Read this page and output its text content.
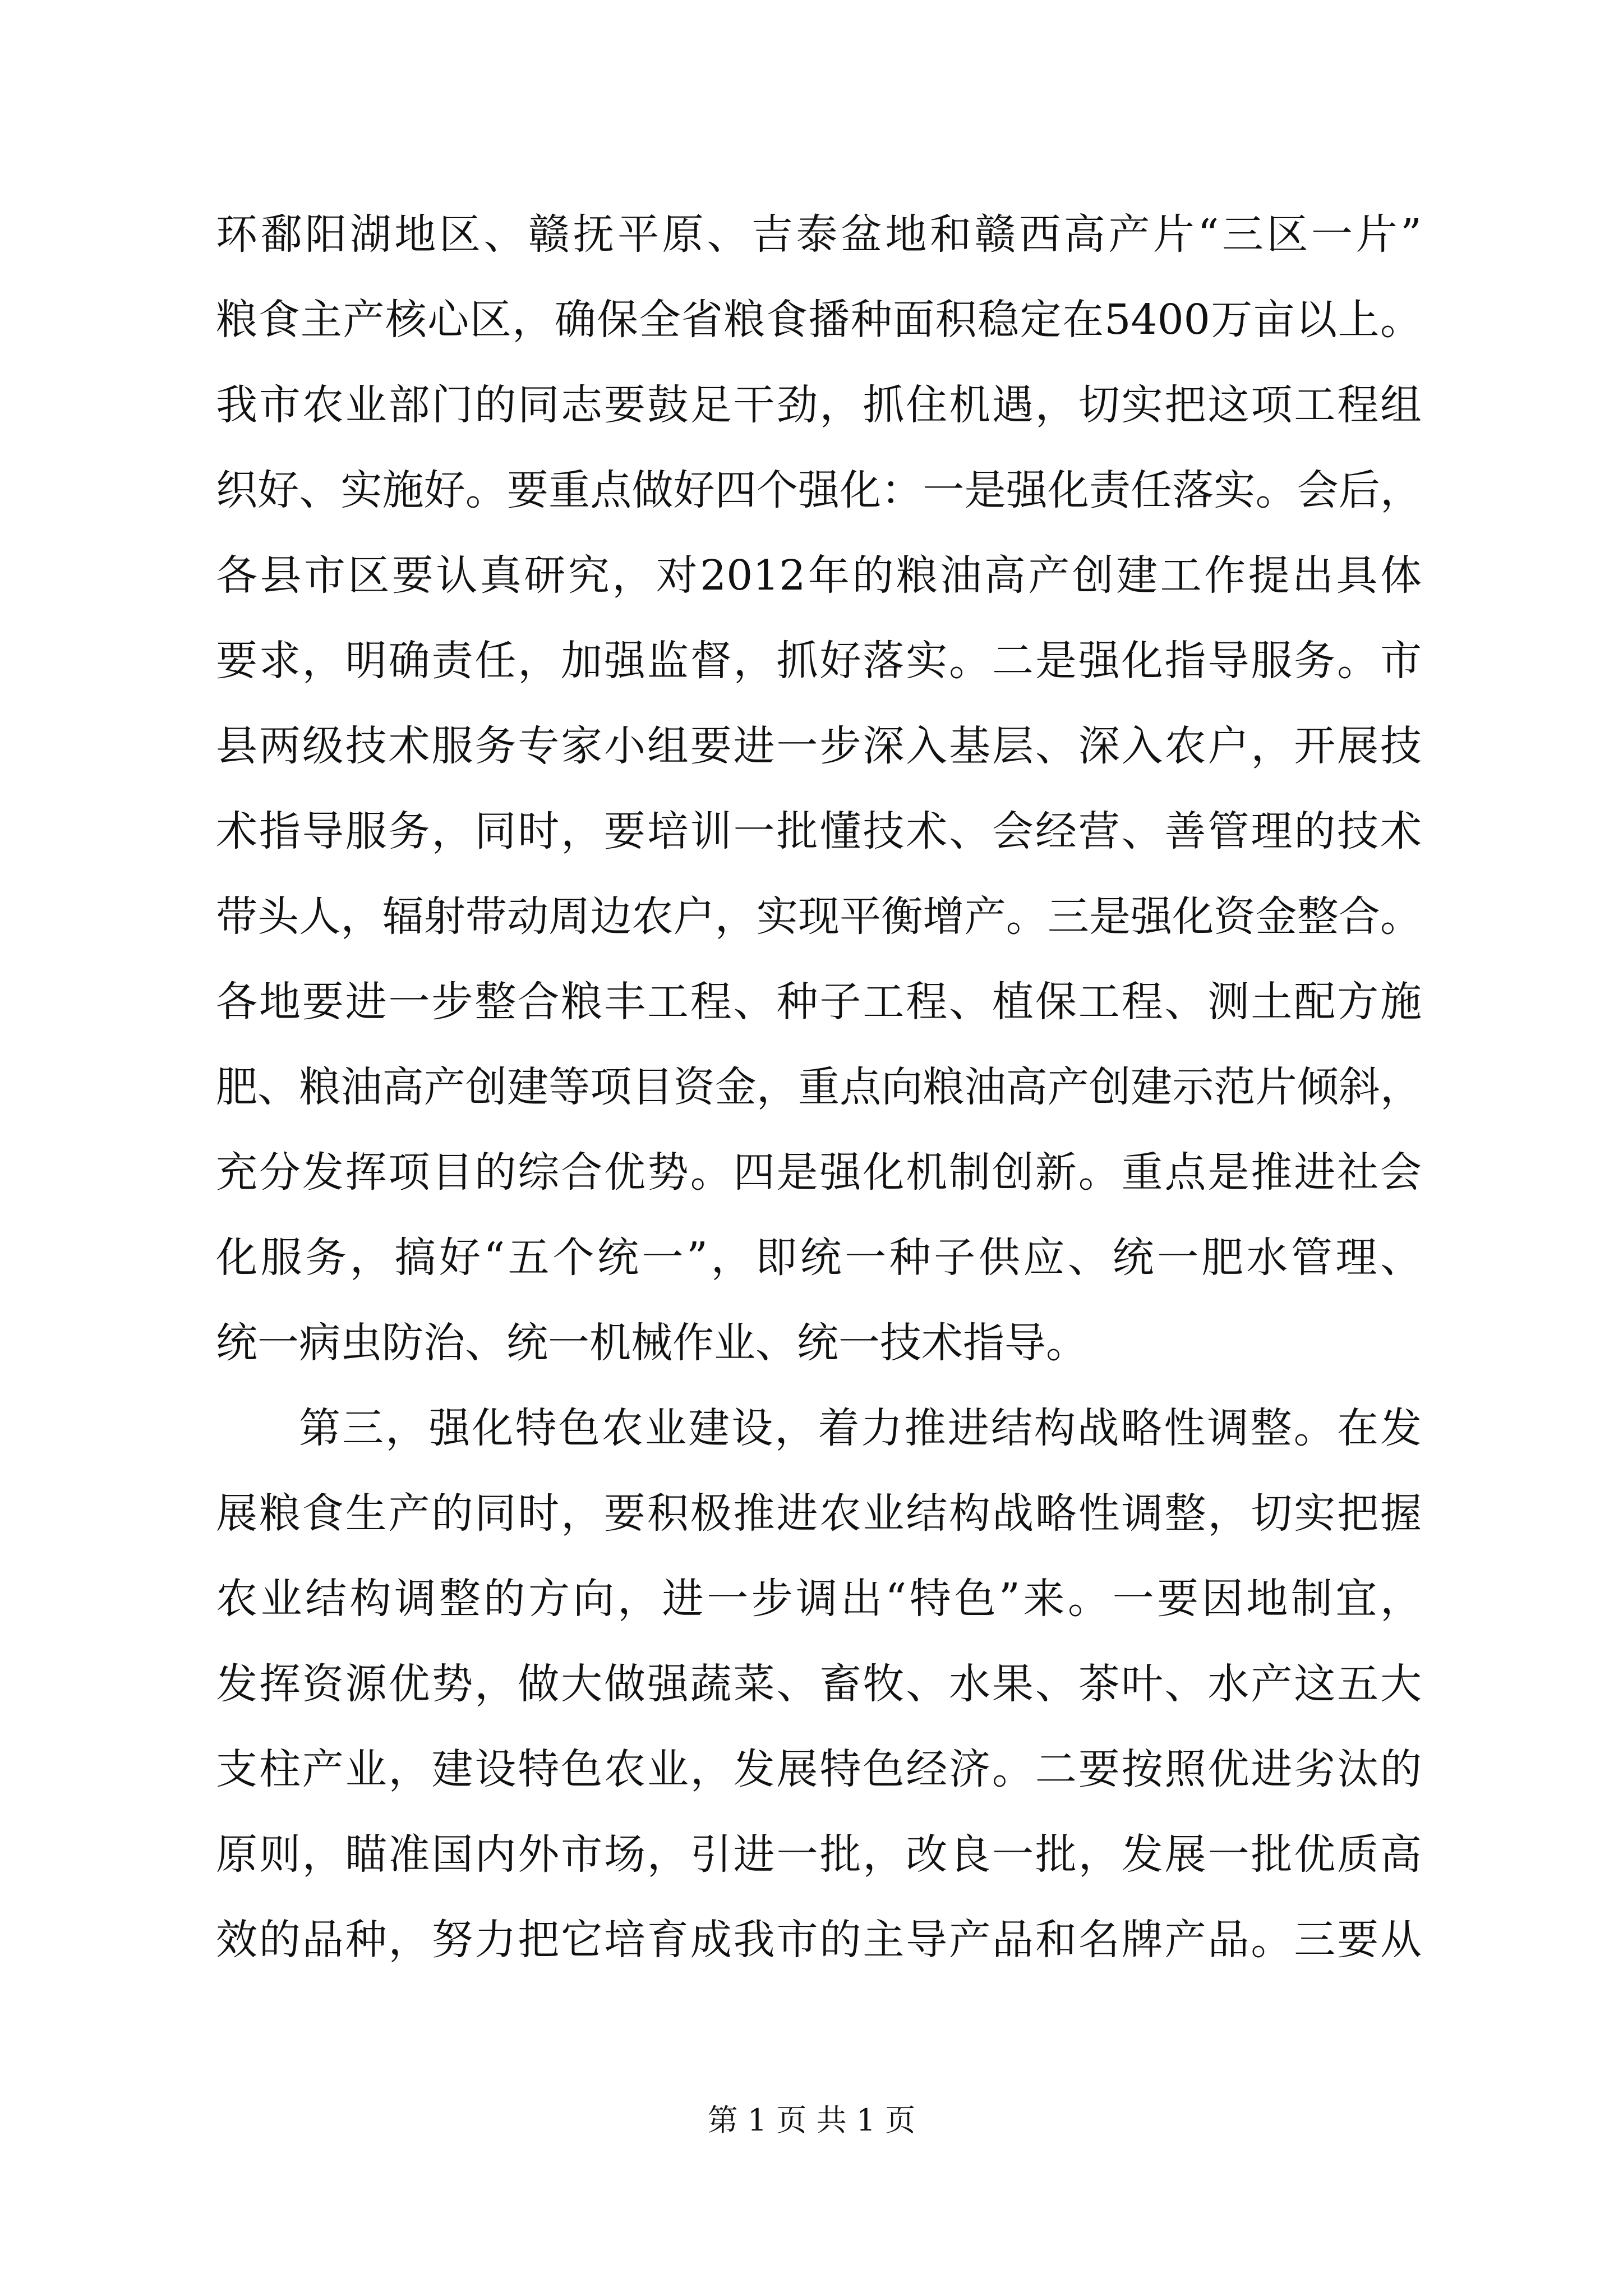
环鄱阳湖地区、赣抚平原、吉泰盆地和赣西高产片“三区一片”
粮食主产核心区，确保全省粮食播种面积稳定在5400万亩以上。
我市农业部门的同志要鼓足干劲，抓住机遇，切实把这项工程组
织好、实施好。要重点做好四个强化：一是强化责任落实。会后，
各县市区要认真研究，对2012年的粮油高产创建工作提出具体
要求，明确责任，加强监督，抓好落实。二是强化指导服务。市
县两级技术服务专家小组要进一步深入基层、深入农户，开展技
术指导服务，同时，要培训一批懂技术、会经营、善管理的技术
带头人，辐射带动周边农户，实现平衡增产。三是强化资金整合。
各地要进一步整合粮丰工程、种子工程、植保工程、测土配方施
肥、粮油高产创建等项目资金，重点向粮油高产创建示范片倾斜，
充分发挥项目的综合优势。四是强化机制创新。重点是推进社会
化服务，搞好“五个统一”，即统一种子供应、统一肥水管理、
统一病虫防治、统一机械作业、统一技术指导。
第三，强化特色农业建设，着力推进结构战略性调整。在发
展粮食生产的同时，要积极推进农业结构战略性调整，切实把握
农业结构调整的方向，进一步调出“特色”来。一要因地制宜，
发挥资源优势，做大做强蔬菜、畜牧、水果、茶叶、水产这五大
支柱产业，建设特色农业，发展特色经济。二要按照优进劣汰的
原则，瞄准国内外市场，引进一批，改良一批，发展一批优质高
效的品种，努力把它培育成我市的主导产品和名牌产品。三要从
第 1 页 共 1 页
